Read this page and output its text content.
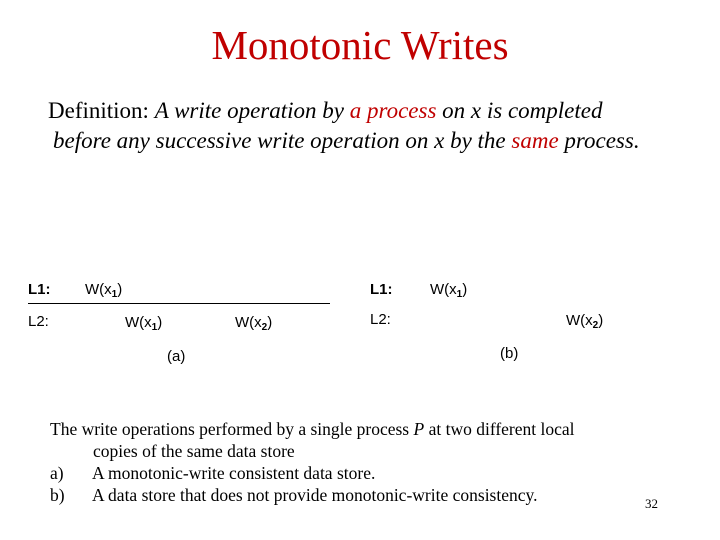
Monotonic Writes
Definition: A write operation by a process on x is completed
before any successive write operation on x by the same process.
L1: $W(x_1)$
L2:	$W(x_1)$	$W(x_2)$
(a)
L1:	$W(x_1)$
L2:	$W(x_2)$
(b)
The write operations performed by a single process P at two different local
copies of the same data store
a) A monotonic-write consistent data store.
b) A data store that does not provide monotonic-write consistency.	32
